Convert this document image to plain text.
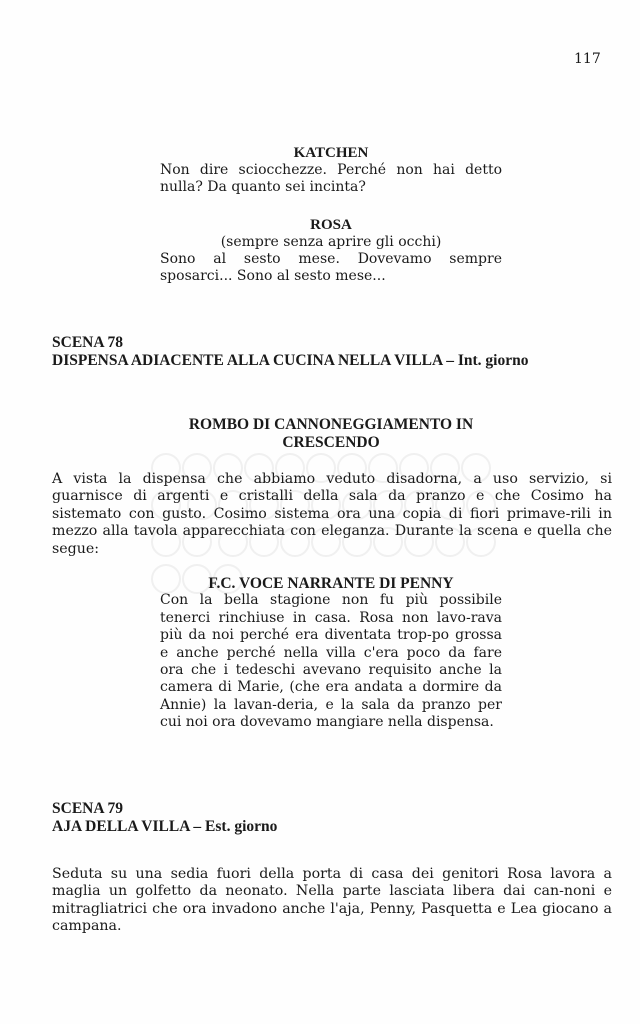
117
KATCHEN
Non dire sciocchezze. Perché non hai detto nulla? Da quanto sei incinta?
ROSA
(sempre senza aprire gli occhi)
Sono al sesto mese. Dovevamo sempre sposarci... Sono al sesto mese...
SCENA 78
DISPENSA ADIACENTE ALLA CUCINA NELLA VILLA – Int. giorno
ROMBO DI CANNONEGGIAMENTO IN
CRESCENDO
A vista la dispensa che abbiamo veduto disadorna, a uso servizio, si guarnisce di argenti e cristalli della sala da pranzo e che Cosimo ha sistemato con gusto. Cosimo sistema ora una copia di fiori primave-rili in mezzo alla tavola apparecchiata con eleganza. Durante la scena e quella che segue:
F.C. VOCE NARRANTE DI PENNY
Con la bella stagione non fu più possibile tenerci rinchiuse in casa. Rosa non lavo-rava più da noi perché era diventata trop-po grossa e anche perché nella villa c'era poco da fare ora che i tedeschi avevano requisito anche la camera di Marie, (che era andata a dormire da Annie) la lavan-deria, e la sala da pranzo per cui noi ora dovevamo mangiare nella dispensa.
SCENA 79
AJA DELLA VILLA – Est. giorno
Seduta su una sedia fuori della porta di casa dei genitori Rosa lavora a maglia un golfetto da neonato. Nella parte lasciata libera dai can-noni e mitragliatrici che ora invadono anche l'aja, Penny, Pasquetta e Lea giocano a campana.
